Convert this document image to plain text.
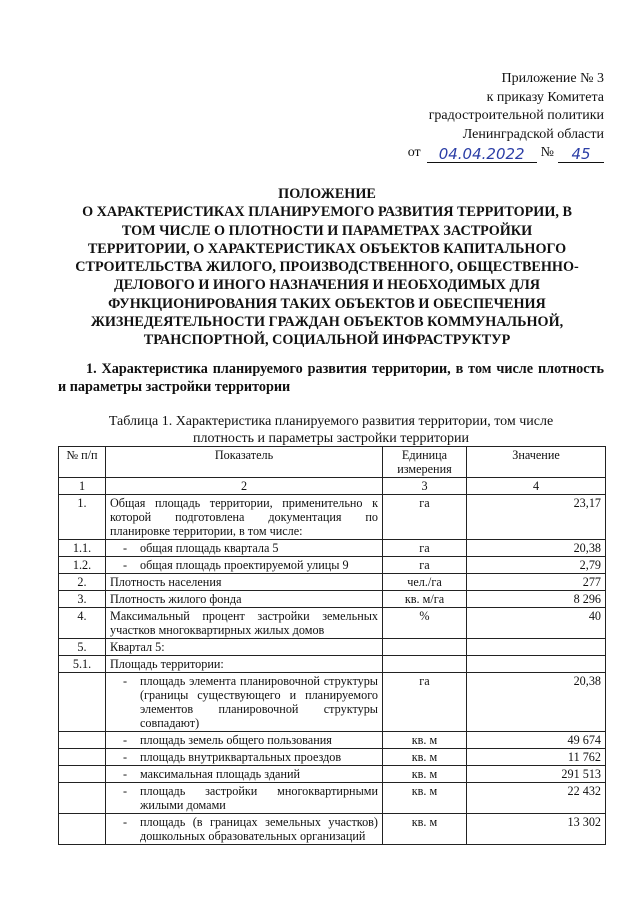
Приложение № 3
к приказу Комитета
градостроительной политики
Ленинградской области
от	04.04.2022	№	45
ПОЛОЖЕНИЕ
О ХАРАКТЕРИСТИКАХ ПЛАНИРУЕМОГО РАЗВИТИЯ ТЕРРИТОРИИ, В
ТОМ ЧИСЛЕ О ПЛОТНОСТИ И ПАРАМЕТРАХ ЗАСТРОЙКИ
ТЕРРИТОРИИ, О ХАРАКТЕРИСТИКАХ ОБЪЕКТОВ КАПИТАЛЬНОГО
СТРОИТЕЛЬСТВА ЖИЛОГО, ПРОИЗВОДСТВЕННОГО, ОБЩЕСТВЕННО-
ДЕЛОВОГО И ИНОГО НАЗНАЧЕНИЯ И НЕОБХОДИМЫХ ДЛЯ
ФУНКЦИОНИРОВАНИЯ ТАКИХ ОБЪЕКТОВ И ОБЕСПЕЧЕНИЯ
ЖИЗНЕДЕЯТЕЛЬНОСТИ ГРАЖДАН ОБЪЕКТОВ КОММУНАЛЬНОЙ,
ТРАНСПОРТНОЙ, СОЦИАЛЬНОЙ ИНФРАСТРУКТУР
1. Характеристика планируемого развития территории, в том числе плотность и параметры застройки территории
Таблица 1. Характеристика планируемого развития территории, том числе
плотность и параметры застройки территории
№ п/п	Показатель	Единица измерения	Значение
1	2	3	4
1.	Общая площадь территории, применительно к которой подготовлена документация по планировке территории, в том числе:	га	23,17
1.1.	- общая площадь квартала 5	га	20,38
1.2.	- общая площадь проектируемой улицы 9	га	2,79
2.	Плотность населения	чел./га	277
3.	Плотность жилого фонда	кв. м/га	8 296
4.	Максимальный процент застройки земельных участков многоквартирных жилых домов	%	40
5.	Квартал 5:		
5.1.	Площадь территории:		

	- площадь элемента планировочной структуры (границы существующего и планируемого элементов планировочной структуры совпадают)	га	20,38

	- площадь земель общего пользования	кв. м	49 674

	- площадь внутриквартальных проездов	кв. м	11 762

	- максимальная площадь зданий	кв. м	291 513

	- площадь застройки многоквартирными жилыми домами	кв. м	22 432

	- площадь (в границах земельных участков) дошкольных образовательных организаций	кв. м	13 302
